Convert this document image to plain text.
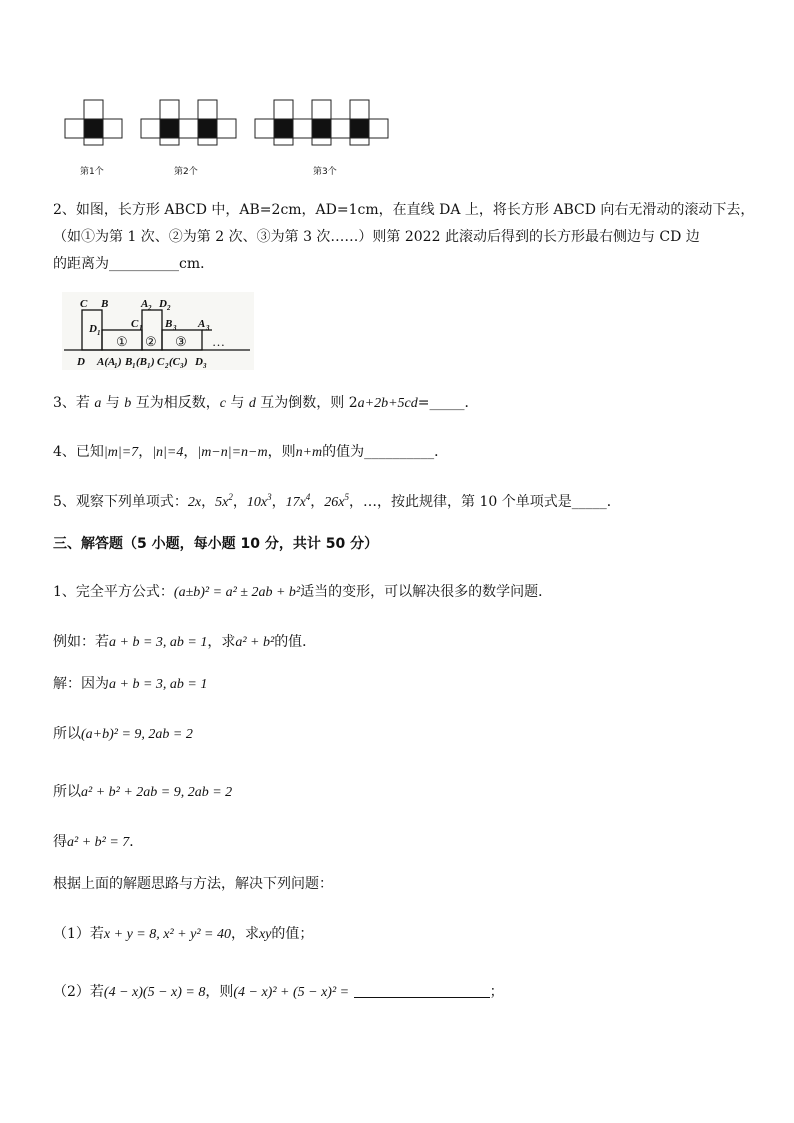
第1个	第2个	第3个
2、如图，长方形 ABCD 中，AB=2cm，AD=1cm，在直线 DA 上，将长方形 ABCD 向右无滑动的滚动下去，
（如①为第 1 次、②为第 2 次、③为第 3 次……）则第 2022 此滚动后得到的长方形最右侧边与 CD 边
的距离为__________cm．
C B	A 2 D 2
D 1
C 1 B 3 A 3
① ② ③ …
D A(A
1 ) B 1 (B 1 ) C 2 (C 3 ) D 3
3、若 a 与 b 互为相反数，c 与 d 互为倒数，则 2a+2b+5cd=_____．
4、已知|m|=7，|n|=4，|m−n|=n−m，则n+m的值为__________．
5、观察下列单项式：2x，$5x^2$，$10x^3$，$17x^4$，$26x^5$，…，按此规律，第 10 个单项式是_____．
三、解答题（5 小题，每小题 10 分，共计 50 分）
1、完全平方公式：(a±b)² = a² ± 2ab + b²适当的变形，可以解决很多的数学问题．
例如：若a + b = 3, ab = 1，求a² + b²的值．
解：因为a + b = 3, ab = 1
所以(a+b)² = 9, 2ab = 2
所以a² + b² + 2ab = 9, 2ab = 2
得a² + b² = 7．
根据上面的解题思路与方法，解决下列问题：
（1）若x + y = 8, x² + y² = 40，求xy的值；
（2）若(4 − x)(5 − x) = 8，则(4 − x)² + (5 − x)² =	；
